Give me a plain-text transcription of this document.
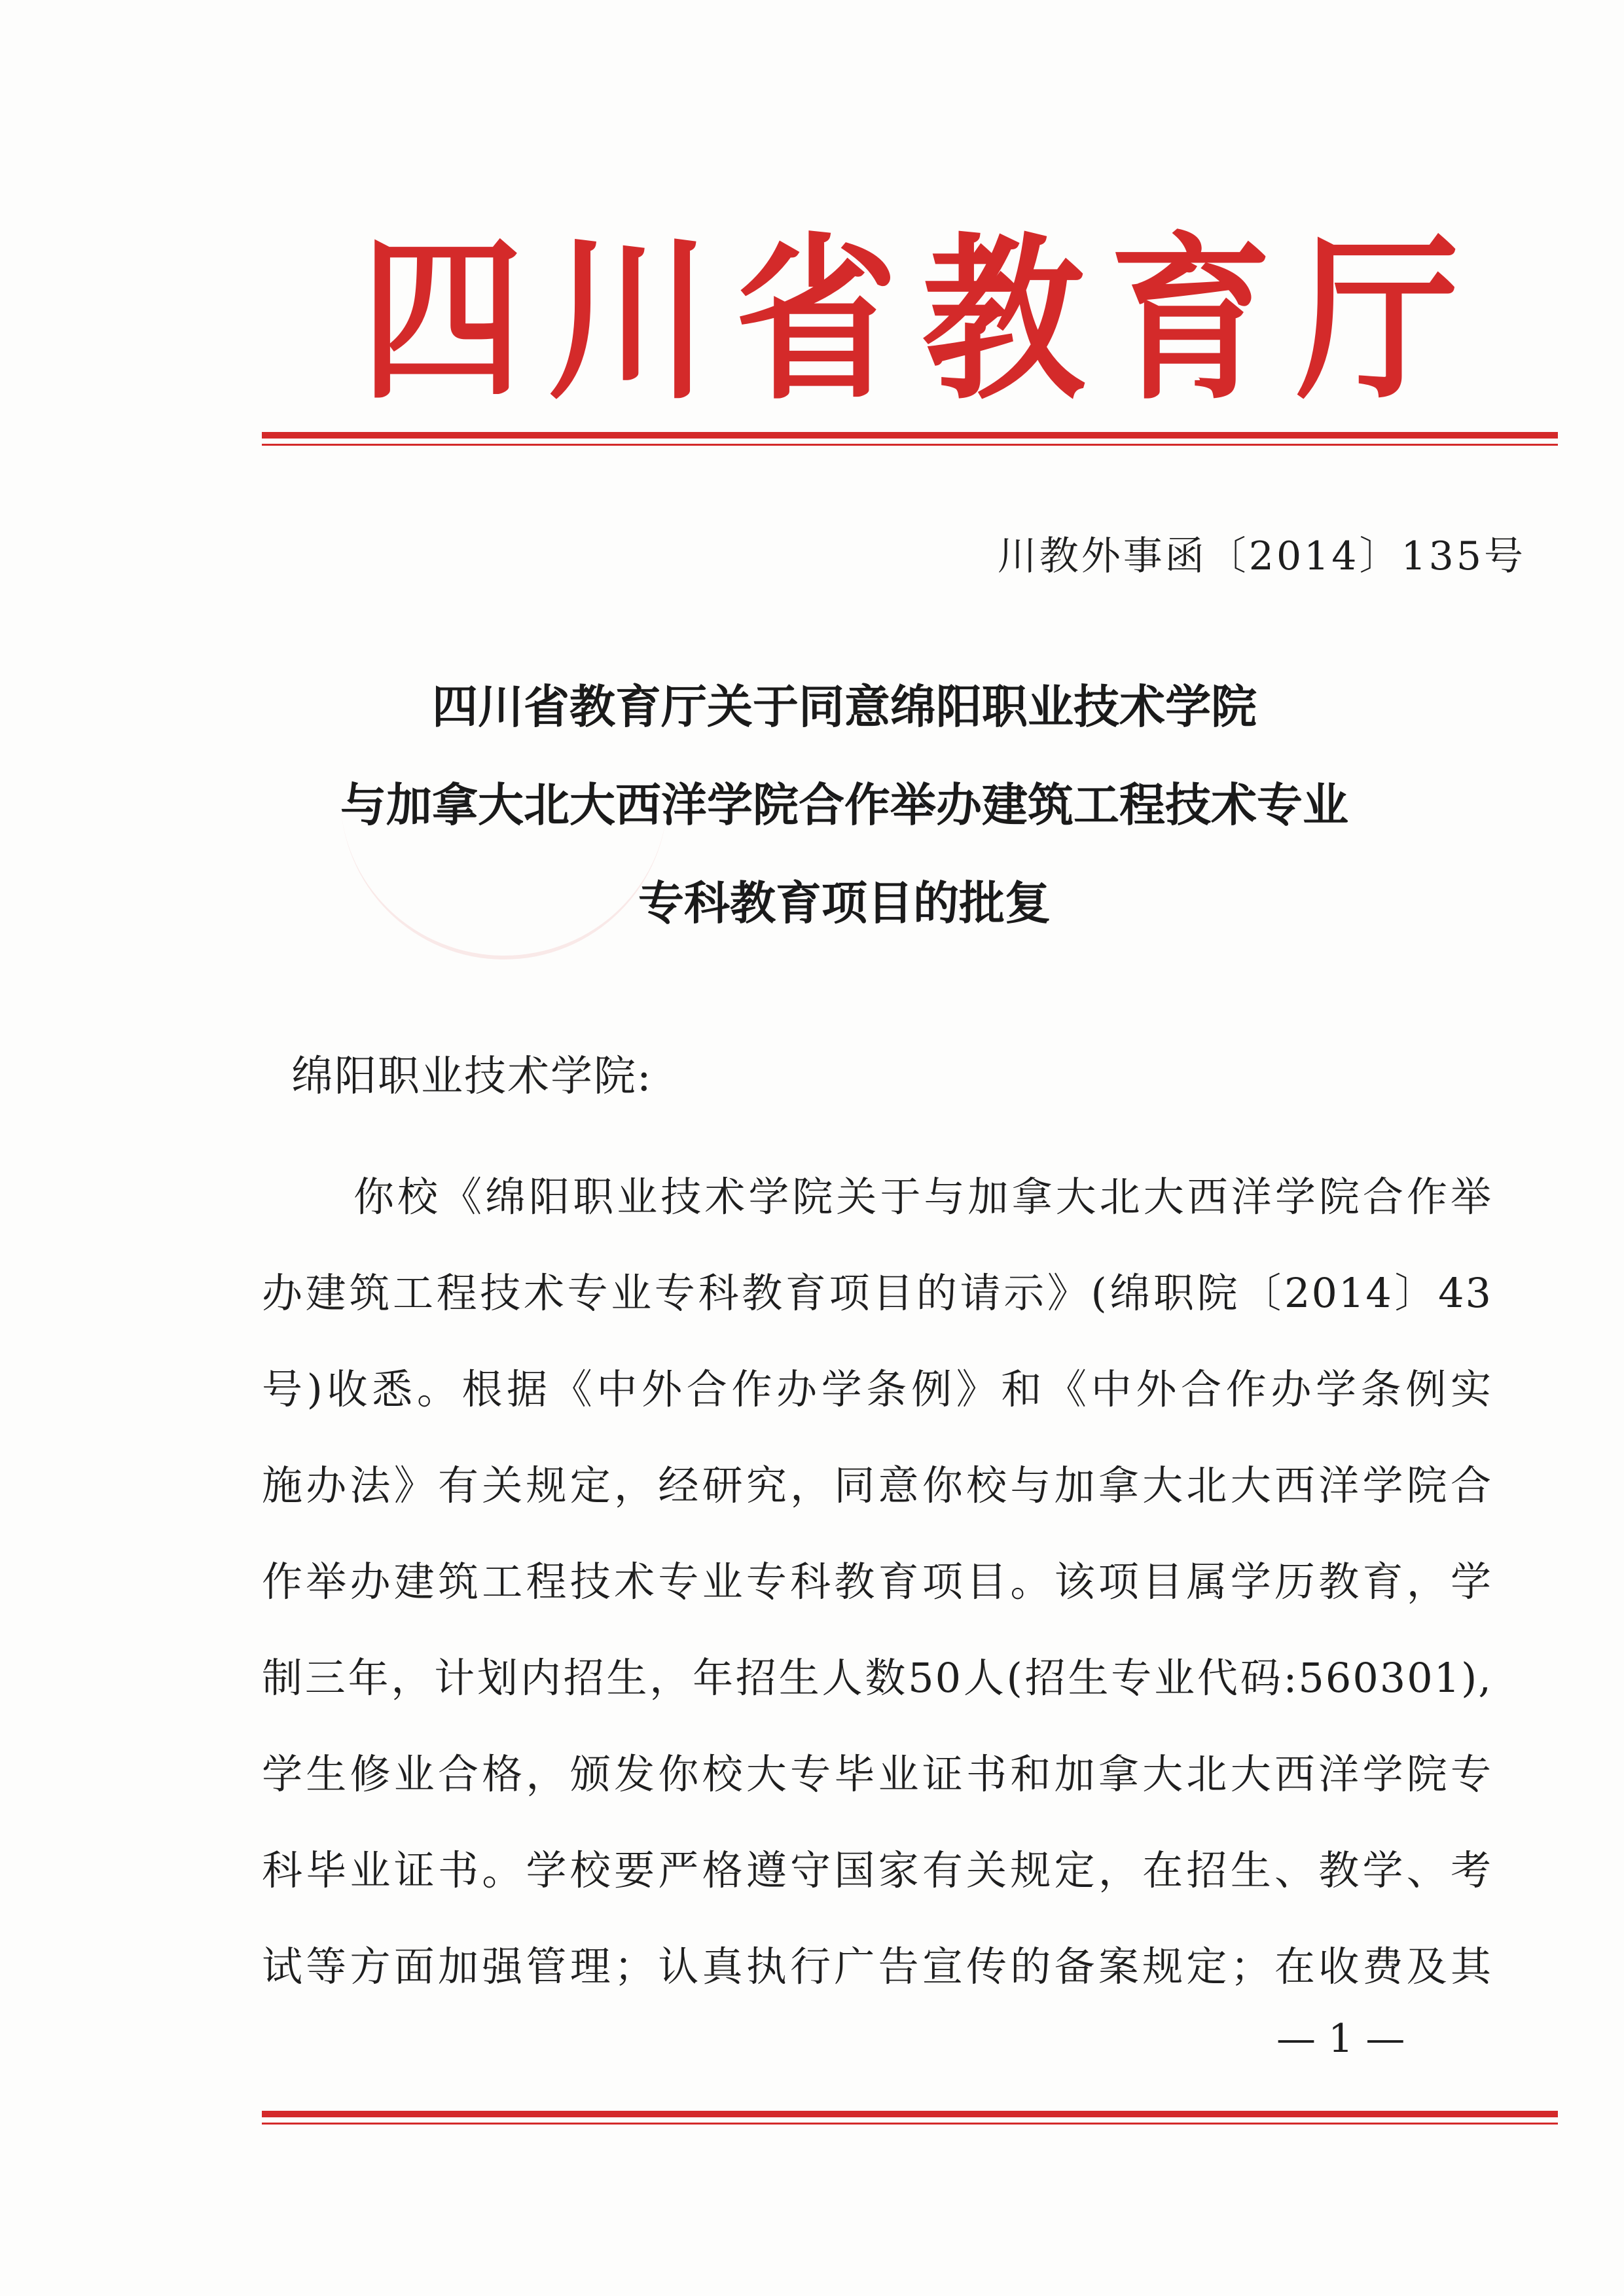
四 川 省 教 育 厅
川教外事函〔2014〕135号
四川省教育厅关于同意绵阳职业技术学院
与加拿大北大西洋学院合作举办建筑工程技术专业
专科教育项目的批复
绵阳职业技术学院:
你校《绵阳职业技术学院关于与加拿大北大西洋学院合作举
办建筑工程技术专业专科教育项目的请示》(绵职院〔2014〕43
号)收悉。根据《中外合作办学条例》和《中外合作办学条例实
施办法》有关规定，经研究，同意你校与加拿大北大西洋学院合
作举办建筑工程技术专业专科教育项目。该项目属学历教育，学
制三年，计划内招生，年招生人数50人(招生专业代码:560301),
学生修业合格，颁发你校大专毕业证书和加拿大北大西洋学院专
科毕业证书。学校要严格遵守国家有关规定，在招生、教学、考
试等方面加强管理；认真执行广告宣传的备案规定；在收费及其
— 1 —
